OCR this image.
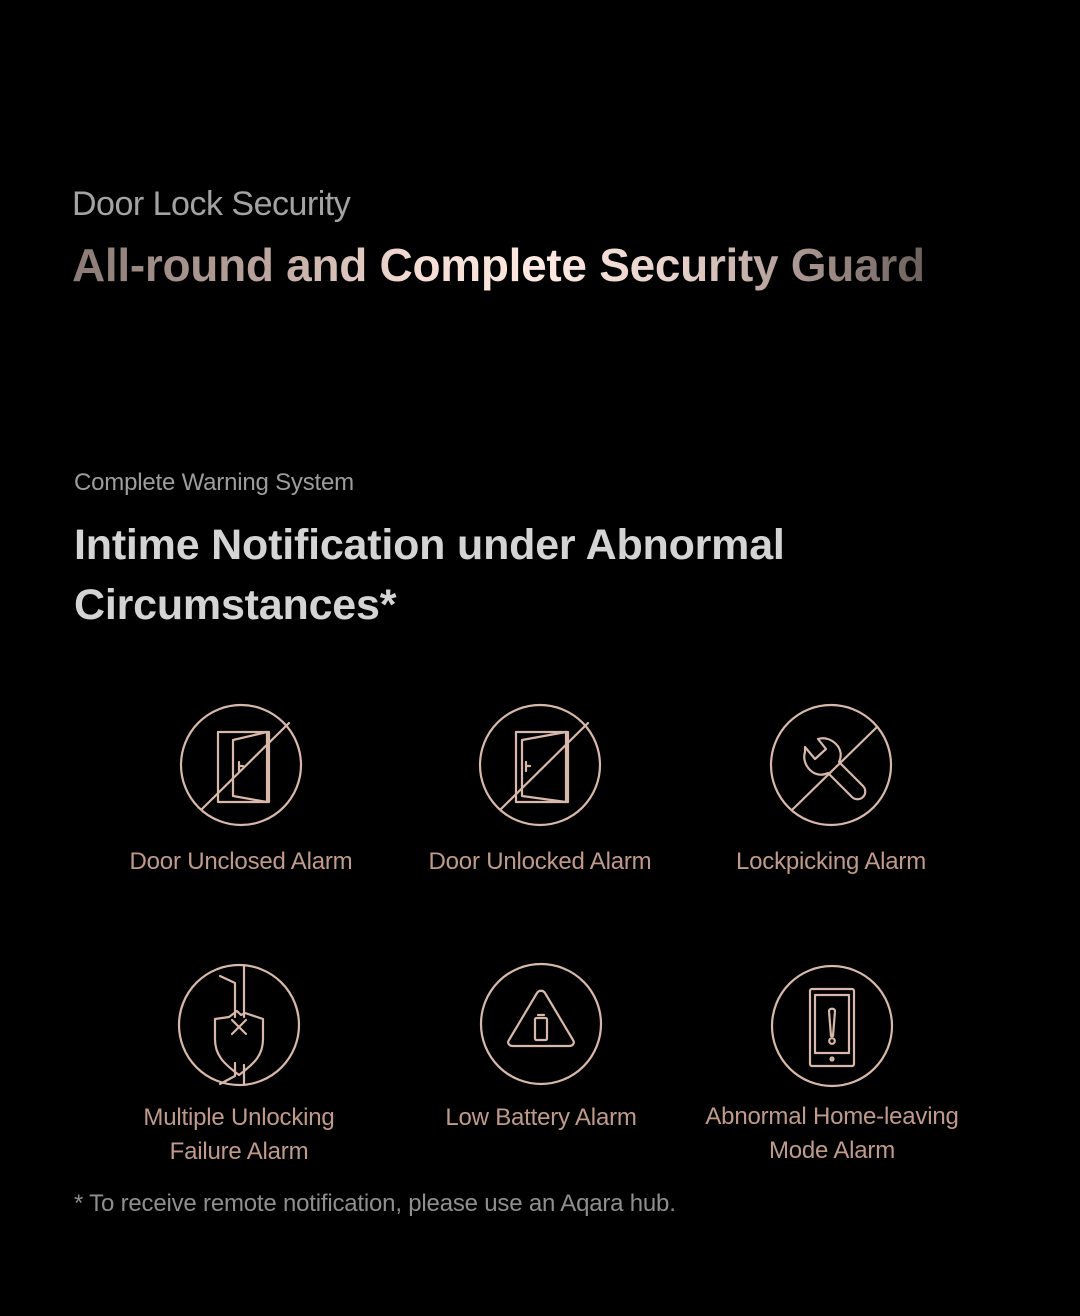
Door Lock Security
All-round and Complete Security Guard
Complete Warning System
Intime Notification under Abnormal Circumstances*
Door Unclosed Alarm	Door Unlocked Alarm	Lockpicking Alarm
Multiple Unlocking
Failure Alarm
Low Battery Alarm	Abnormal Home-leaving
Mode Alarm
* To receive remote notification, please use an Aqara hub.
